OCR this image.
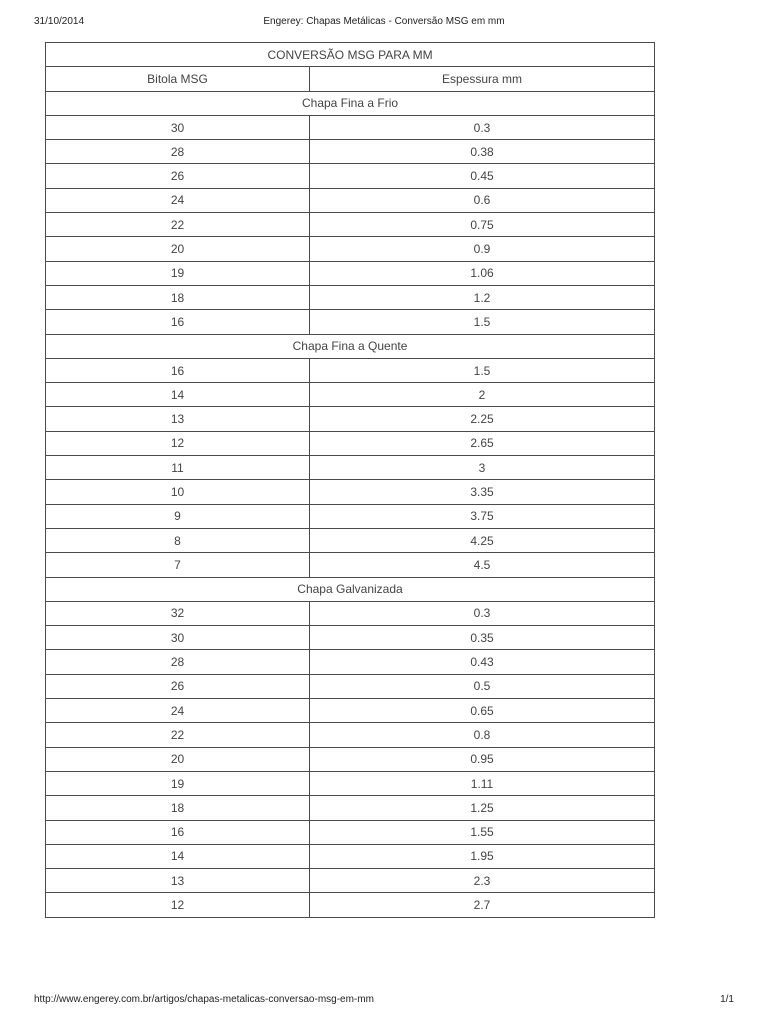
31/10/2014	Engerey: Chapas Metálicas - Conversão MSG em mm
CONVERSÃO MSG PARA MM	
Bitola MSG	Espessura mm
Chapa Fina a Frio	
30	0.3
28	0.38
26	0.45
24	0.6
22	0.75
20	0.9
19	1.06
18	1.2
16	1.5
Chapa Fina a Quente	
16	1.5
14	2
13	2.25
12	2.65
11	3
10	3.35
9	3.75
8	4.25
7	4.5
Chapa Galvanizada	
32	0.3
30	0.35
28	0.43
26	0.5
24	0.65
22	0.8
20	0.95
19	1.11
18	1.25
16	1.55
14	1.95
13	2.3
12	2.7
http://www.engerey.com.br/artigos/chapas-metalicas-conversao-msg-em-mm	1/1
